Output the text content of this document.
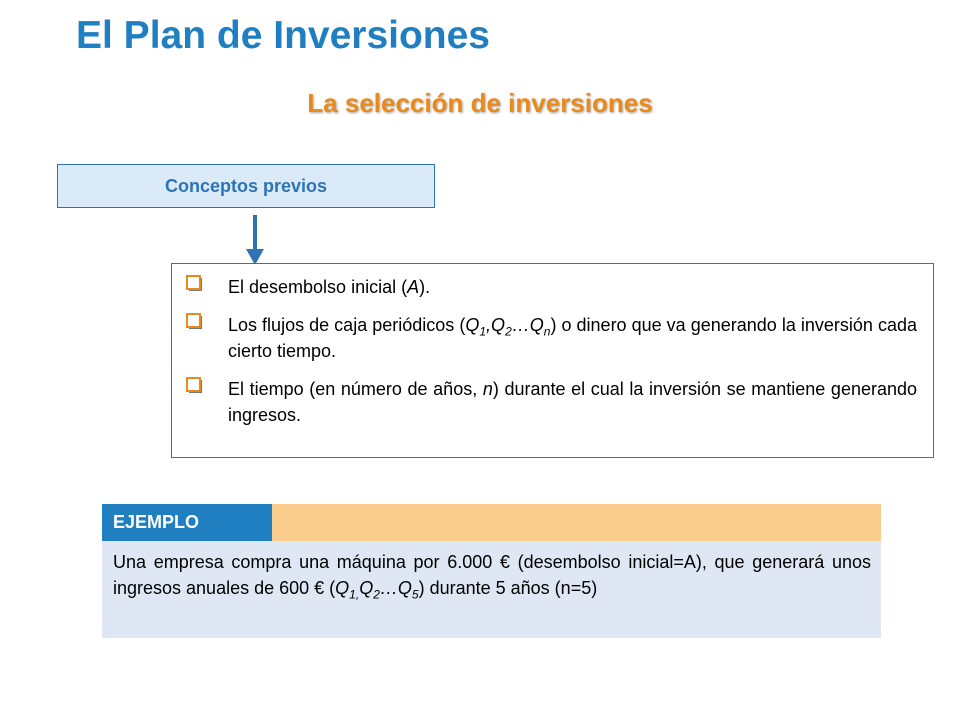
El Plan de Inversiones
La selección de inversiones
Conceptos previos
El desembolso inicial (A).
Los flujos de caja periódicos $(Q_1,Q_2\dots Q_n)$ o dinero que va generando la inversión cada cierto tiempo.
El tiempo (en número de años, n) durante el cual la inversión se mantiene generando ingresos.
EJEMPLO
Una empresa compra una máquina por 6.000 € (desembolso inicial=A), que generará unos ingresos anuales de 600 € $(Q_{1,}Q_2\dots Q_5)$ durante 5 años (n=5)
